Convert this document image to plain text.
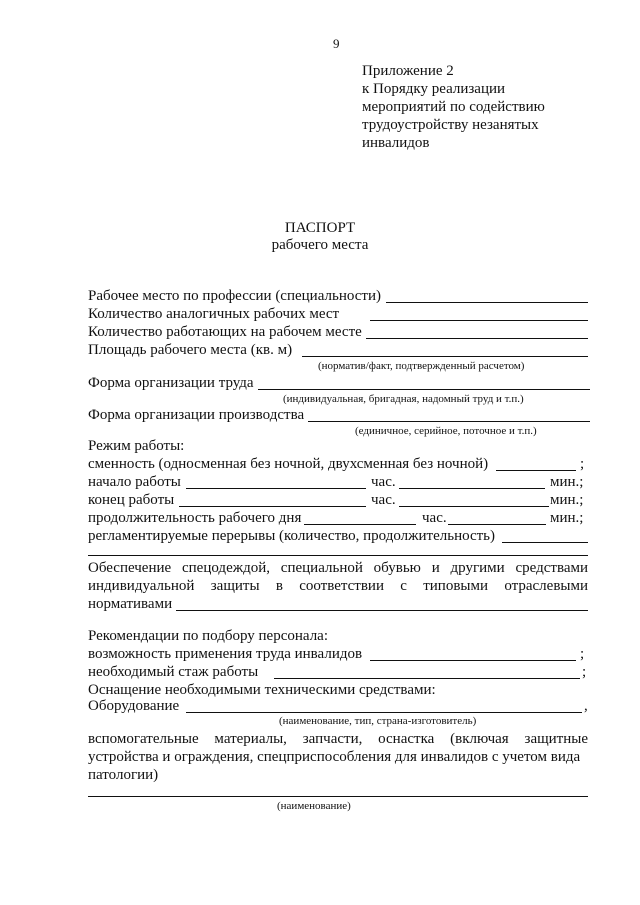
9
Приложение 2
к Порядку реализации
мероприятий по содействию
трудоустройству незанятых
инвалидов
ПАСПОРТ
рабочего места
Рабочее место по профессии (специальности)
Количество аналогичных рабочих мест
Количество работающих на рабочем месте
Площадь рабочего места (кв. м)
(норматив/факт, подтвержденный расчетом)
Форма организации труда
(индивидуальная, бригадная, надомный труд и т.п.)
Форма организации производства
(единичное, серийное, поточное и т.п.)
Режим работы:
сменность (односменная без ночной, двухсменная без ночной)	;
начало работы	час.	мин.;
конец работы	час.	мин.;
продолжительность рабочего дня	час.	мин.;
регламентируемые перерывы (количество, продолжительность)
Обеспечение спецодеждой, специальной обувью и другими средствами
индивидуальной защиты в соответствии с типовыми отраслевыми
нормативами
Рекомендации по подбору персонала:
возможность применения труда инвалидов	;
необходимый стаж работы	;
Оснащение необходимыми техническими средствами:
Оборудование	,
(наименование, тип, страна-изготовитель)
вспомогательные материалы, запчасти, оснастка (включая защитные
устройства и ограждения, спецприспособления для инвалидов с учетом вида
патологии)
(наименование)
